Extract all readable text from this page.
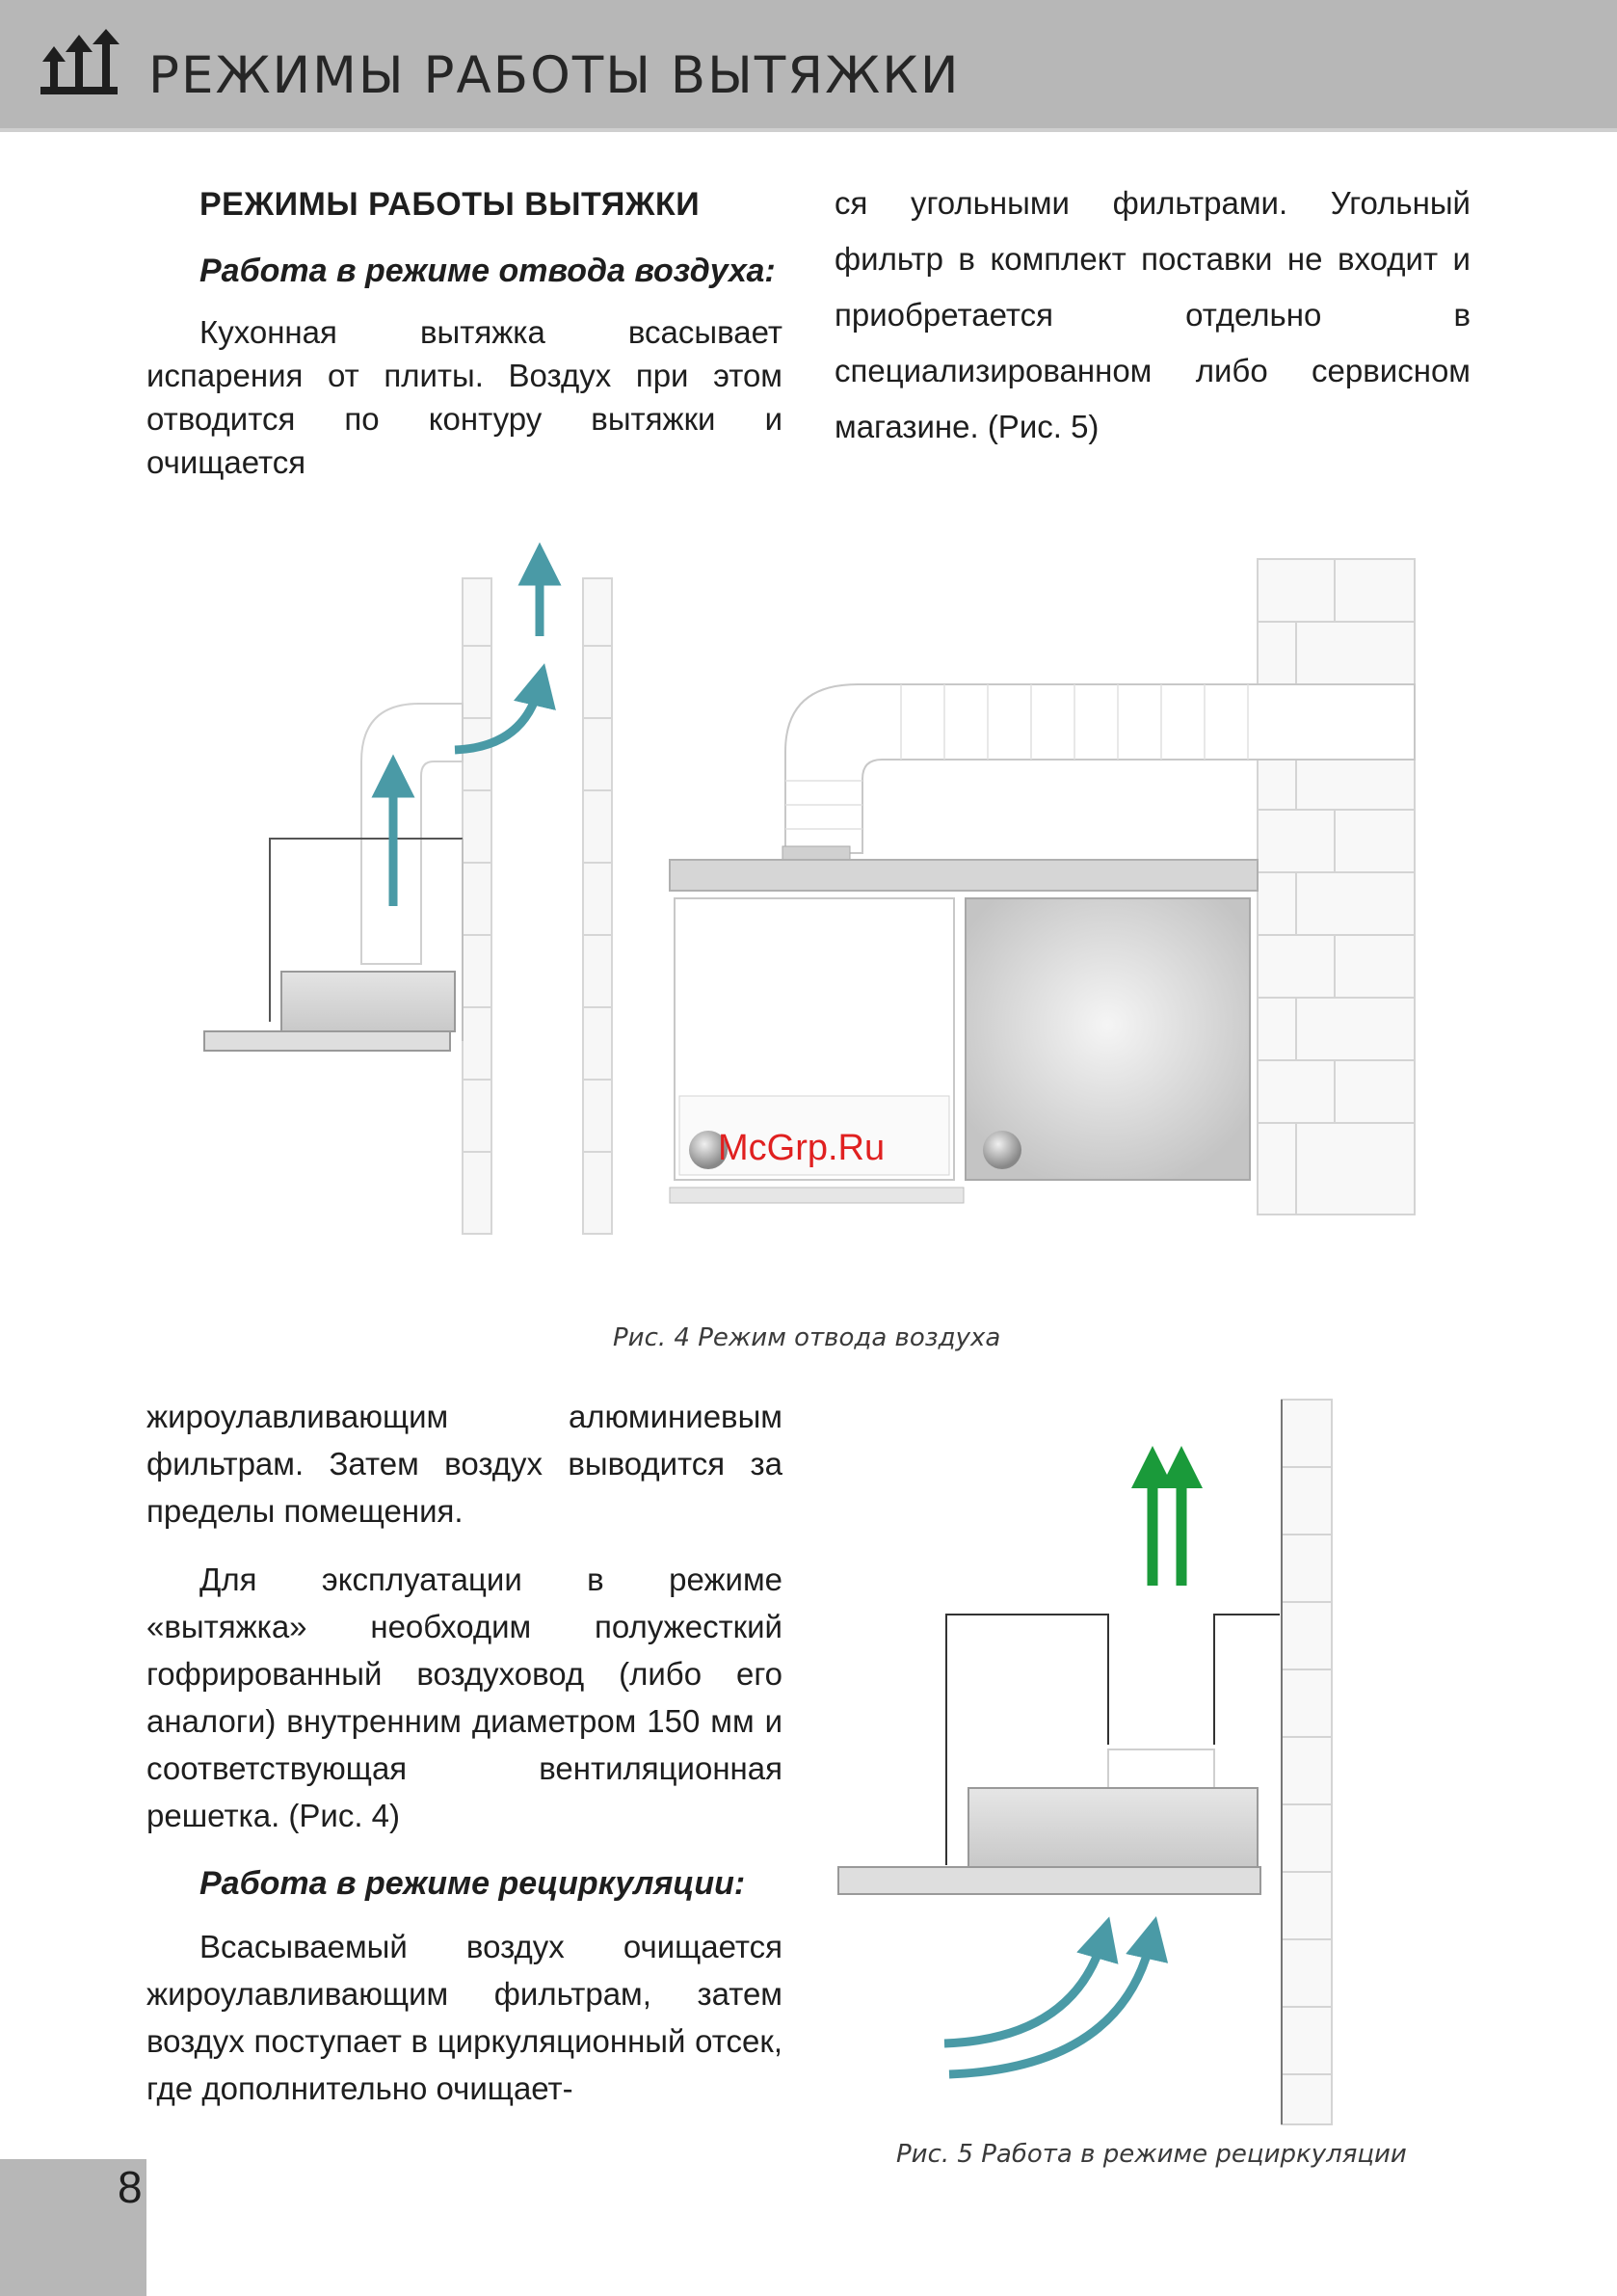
РЕЖИМЫ РАБОТЫ ВЫТЯЖКИ

РЕЖИМЫ РАБОТЫ ВЫТЯЖКИ

Работа в режиме отвода воздуха:

Кухонная вытяжка всасывает испарения от плиты. Воздух при этом отводится по контуру вытяжки и очищается

ся угольными фильтрами. Угольный фильтр в комплект поставки не входит и приобретается отдельно в специализированном либо сервисном магазине. (Рис. 5)

McGrp.Ru
Рис. 4 Режим отвода воздуха

жироулавливающим алюминиевым фильтрам. Затем воздух выводится за пределы помещения.

Для эксплуатации в режиме «вытяжка» необходим полужесткий гофрированный воздуховод (либо его аналоги) внутренним диаметром 150 мм и соответствующая вентиляционная решетка. (Рис. 4)

Работа в режиме рециркуляции:

Всасываемый воздух очищается жироулавливающим фильтрам, затем воздух поступает в циркуляционный отсек, где дополнительно очищает-

Рис. 5 Работа в режиме рециркуляции
8
